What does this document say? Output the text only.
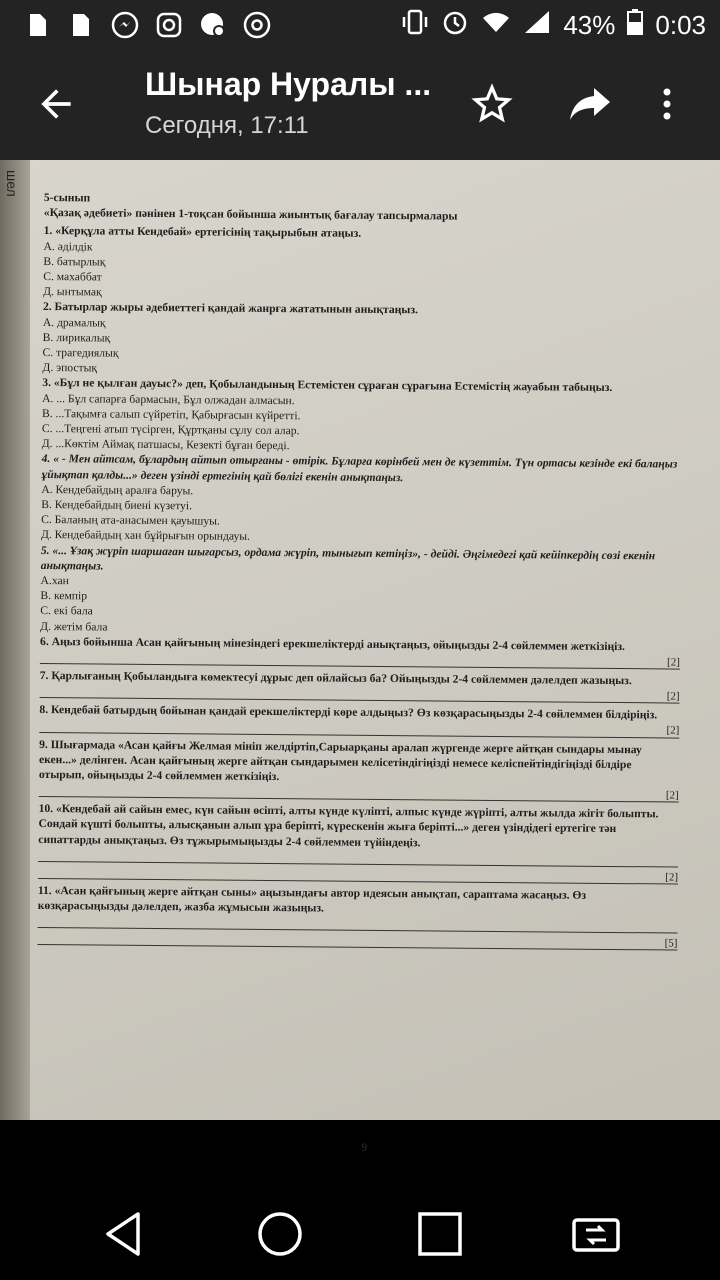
43% 0:03
Шынар Нуралы ...
Сегодня, 17:11
шел

5-сынып

«Қазақ әдебиеті» пәнінен 1-тоқсан бойынша жиынтық бағалау тапсырмалары

1. «Керқұла атты Кендебай» ертегісінің тақырыбын атаңыз.

А. әділдік

В. батырлық

С. махаббат

Д. ынтымақ

2. Батырлар жыры әдебиеттегі қандай жанрға жататынын анықтаңыз.

А. драмалық

В. лирикалық

С. трагедиялық

Д. эпостық

3. «Бұл не қылған дауыс?» деп, Қобыландының Естемістен сұраған сұрағына Естемістің жауабын табыңыз.

А. ... Бұл сапарға бармасын, Бұл олжадан алмасын.

В. ...Тақымға салып сүйретіп, Қабырғасын күйретті.

С. ...Теңгені атып түсірген, Құртқаны сұлу сол алар.

Д. ...Көктім Аймақ патшасы, Кезекті бұған береді.

4. « - Мен айтсам, бұлардың айтып отырғаны - өтірік. Бұларға көрінбей мен де күзеттім. Түн ортасы кезінде екі балаңыз ұйықтап қалды...» деген үзінді ертегінің қай бөлігі екенін анықтаңыз.

А. Кендебайдың аралға баруы.

В. Кендебайдың биені күзетуі.

С. Баланың ата-анасымен қауышуы.

Д. Кендебайдың хан бұйрығын орындауы.

5. «... Ұзақ жүріп шаршаған шығарсыз, ордама жүріп, тынығып кетіңіз», - дейді. Әңгімедегі қай кейіпкердің сөзі екенін анықтаңыз.

А.хан

В. кемпір

С. екі бала

Д. жетім бала

6. Аңыз бойынша Асан қайғының мінезіндегі ерекшеліктерді анықтаңыз, ойыңызды 2-4 сөйлеммен жеткізіңіз.

[2]

7. Қарлығаның Қобыландыға көмектесуі дұрыс деп ойлайсыз ба? Ойыңызды 2-4 сөйлеммен дәлелдеп жазыңыз.

[2]

8. Кендебай батырдың бойынан қандай ерекшеліктерді көре алдыңыз? Өз көзқарасыңызды 2-4 сөйлеммен білдіріңіз.

[2]

9. Шығармада «Асан қайғы Желмая мініп желдіртіп,Сарыарқаны аралап жүргенде жерге айтқан сындары мынау екен...» делінген. Асан қайғының жерге айтқан сындарымен келісетіндігіңізді немесе келіспейтіндігіңізді білдіре отырып, ойыңызды 2-4 сөйлеммен жеткізіңіз.

[2]

10. «Кендебай ай сайын емес, күн сайын өсіпті, алты күнде күліпті, алпыс күнде жүріпті, алты жылда жігіт болыпты. Сондай күшті болыпты, алысқанын алып ұра беріпті, күрескенін жыға беріпті...» деген үзіндідегі ертегіге тән сипаттарды анықтаңыз. Өз тұжырымыңызды 2-4 сөйлеммен түйіндеңіз.

[2]

11. «Асан қайғының жерге айтқан сыны» аңызындағы автор идеясын анықтап, сараптама жасаңыз. Өз көзқарасыңызды дәлелдеп, жазба жұмысын жазыңыз.

[5]
9
